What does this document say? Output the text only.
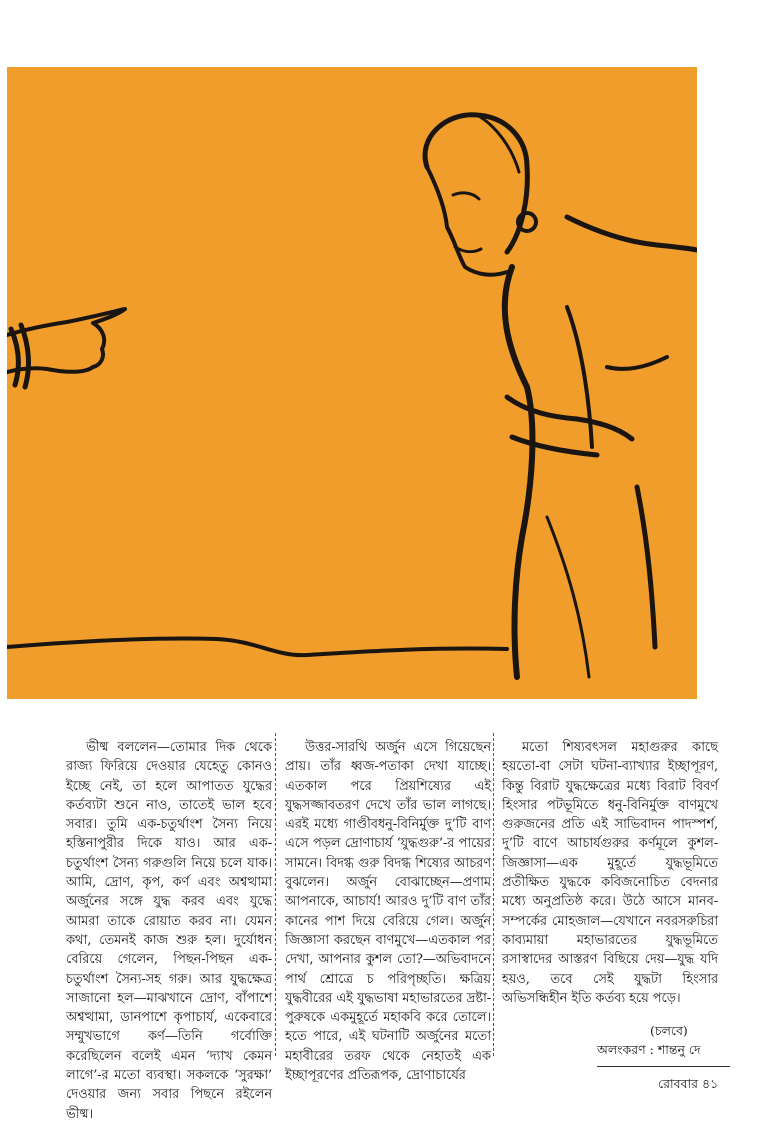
ভীষ্ম বললেন—তোমার দিক থেকে রাজ্য ফিরিয়ে দেওয়ার যেহেতু কোনও ইচ্ছে নেই, তা হলে আপাতত যুদ্ধের কর্তব্যটা শুনে নাও, তাতেই ভাল হবে সবার। তুমি এক-চতুর্থাংশ সৈন্য নিয়ে হস্তিনাপুরীর দিকে যাও। আর এক-চতুর্থাংশ সৈন্য গরুগুলি নিয়ে চলে যাক। আমি, দ্রোণ, কৃপ, কর্ণ এবং অশ্বত্থামা অর্জুনের সঙ্গে যুদ্ধ করব এবং যুদ্ধে আমরা তাকে রোয়াত করব না। যেমন কথা, তেমনই কাজ শুরু হল। দুর্যোধন বেরিয়ে গেলেন, পিছন-পিছন এক-চতুর্থাংশ সৈন্য-সহ গরু। আর যুদ্ধক্ষেত্র সাজানো হল—মাঝখানে দ্রোণ, বাঁপাশে অশ্বত্থামা, ডানপাশে কৃপাচার্য, একেবারে সম্মুখভাগে কর্ণ—তিনি গর্বোক্তি করেছিলেন বলেই এমন ‘দ্যাখ কেমন লাগে’-র মতো ব্যবস্থা। সকলকে ‘সুরক্ষা’ দেওয়ার জন্য সবার পিছনে রইলেন ভীষ্ম।

উত্তর-সারথি অর্জুন এসে গিয়েছেন প্রায়। তাঁর ধ্বজ-পতাকা দেখা যাচ্ছে। এতকাল পরে প্রিয়শিষ্যের এই যুদ্ধসজ্জাবতরণ দেখে তাঁর ভাল লাগছে। এরই মধ্যে গাণ্ডীবধনু-বিনির্মুক্ত দু’টি বাণ এসে পড়ল দ্রোণাচার্য ‘যুদ্ধগুরু’-র পায়ের সামনে। বিদগ্ধ গুরু বিদগ্ধ শিষ্যের আচরণ বুঝলেন। অর্জুন বোঝাচ্ছেন—প্রণাম আপনাকে, আচার্য! আরও দু’টি বাণ তাঁর কানের পাশ দিয়ে বেরিয়ে গেল। অর্জুন জিজ্ঞাসা করছেন বাণমুখে—এতকাল পর দেখা, আপনার কুশল তো?—অভিবাদনে পার্থ শ্রোত্রে চ পরিপৃচ্ছতি। ক্ষত্রিয় যুদ্ধবীরের এই যুদ্ধভাষা মহাভারতের দ্রষ্টা-পুরুষকে একমুহূর্তে মহাকবি করে তোলে। হতে পারে, এই ঘটনাটি অর্জুনের মতো মহাবীরের তরফ থেকে নেহাতই এক ইচ্ছাপূরণের প্রতিরূপক, দ্রোণাচার্যের

মতো শিষ্যবৎসল মহাগুরুর কাছে হয়তো-বা সেটা ঘটনা-ব্যাখ্যার ইচ্ছাপূরণ, কিন্তু বিরাট যুদ্ধক্ষেত্রের মধ্যে বিরাট বিবর্ণ হিংসার পটভূমিতে ধনু-বিনির্মুক্ত বাণমুখে গুরুজনের প্রতি এই সাভিবাদন পাদস্পর্শ, দু’টি বাণে আচার্যগুরুর কর্ণমূলে কুশল-জিজ্ঞাসা—এক মুহূর্তে যুদ্ধভূমিতে প্রতীক্ষিত যুদ্ধকে কবিজনোচিত বেদনার মধ্যে অনুপ্রতিষ্ঠ করে। উঠে আসে মানব-সম্পর্কের মোহজাল—যেখানে নবরসরুচিরা কাব্যমায়া মহাভারতের যুদ্ধভূমিতে রসাস্বাদের আস্তরণ বিছিয়ে দেয়—যুদ্ধ যদি হয়ও, তবে সেই যুদ্ধটা হিংসার অভিসন্ধিহীন ইতি কর্তব্য হয়ে পড়ে।

(চলবে)
অলংকরণ : শান্তনু দে
রোববার ৪১
